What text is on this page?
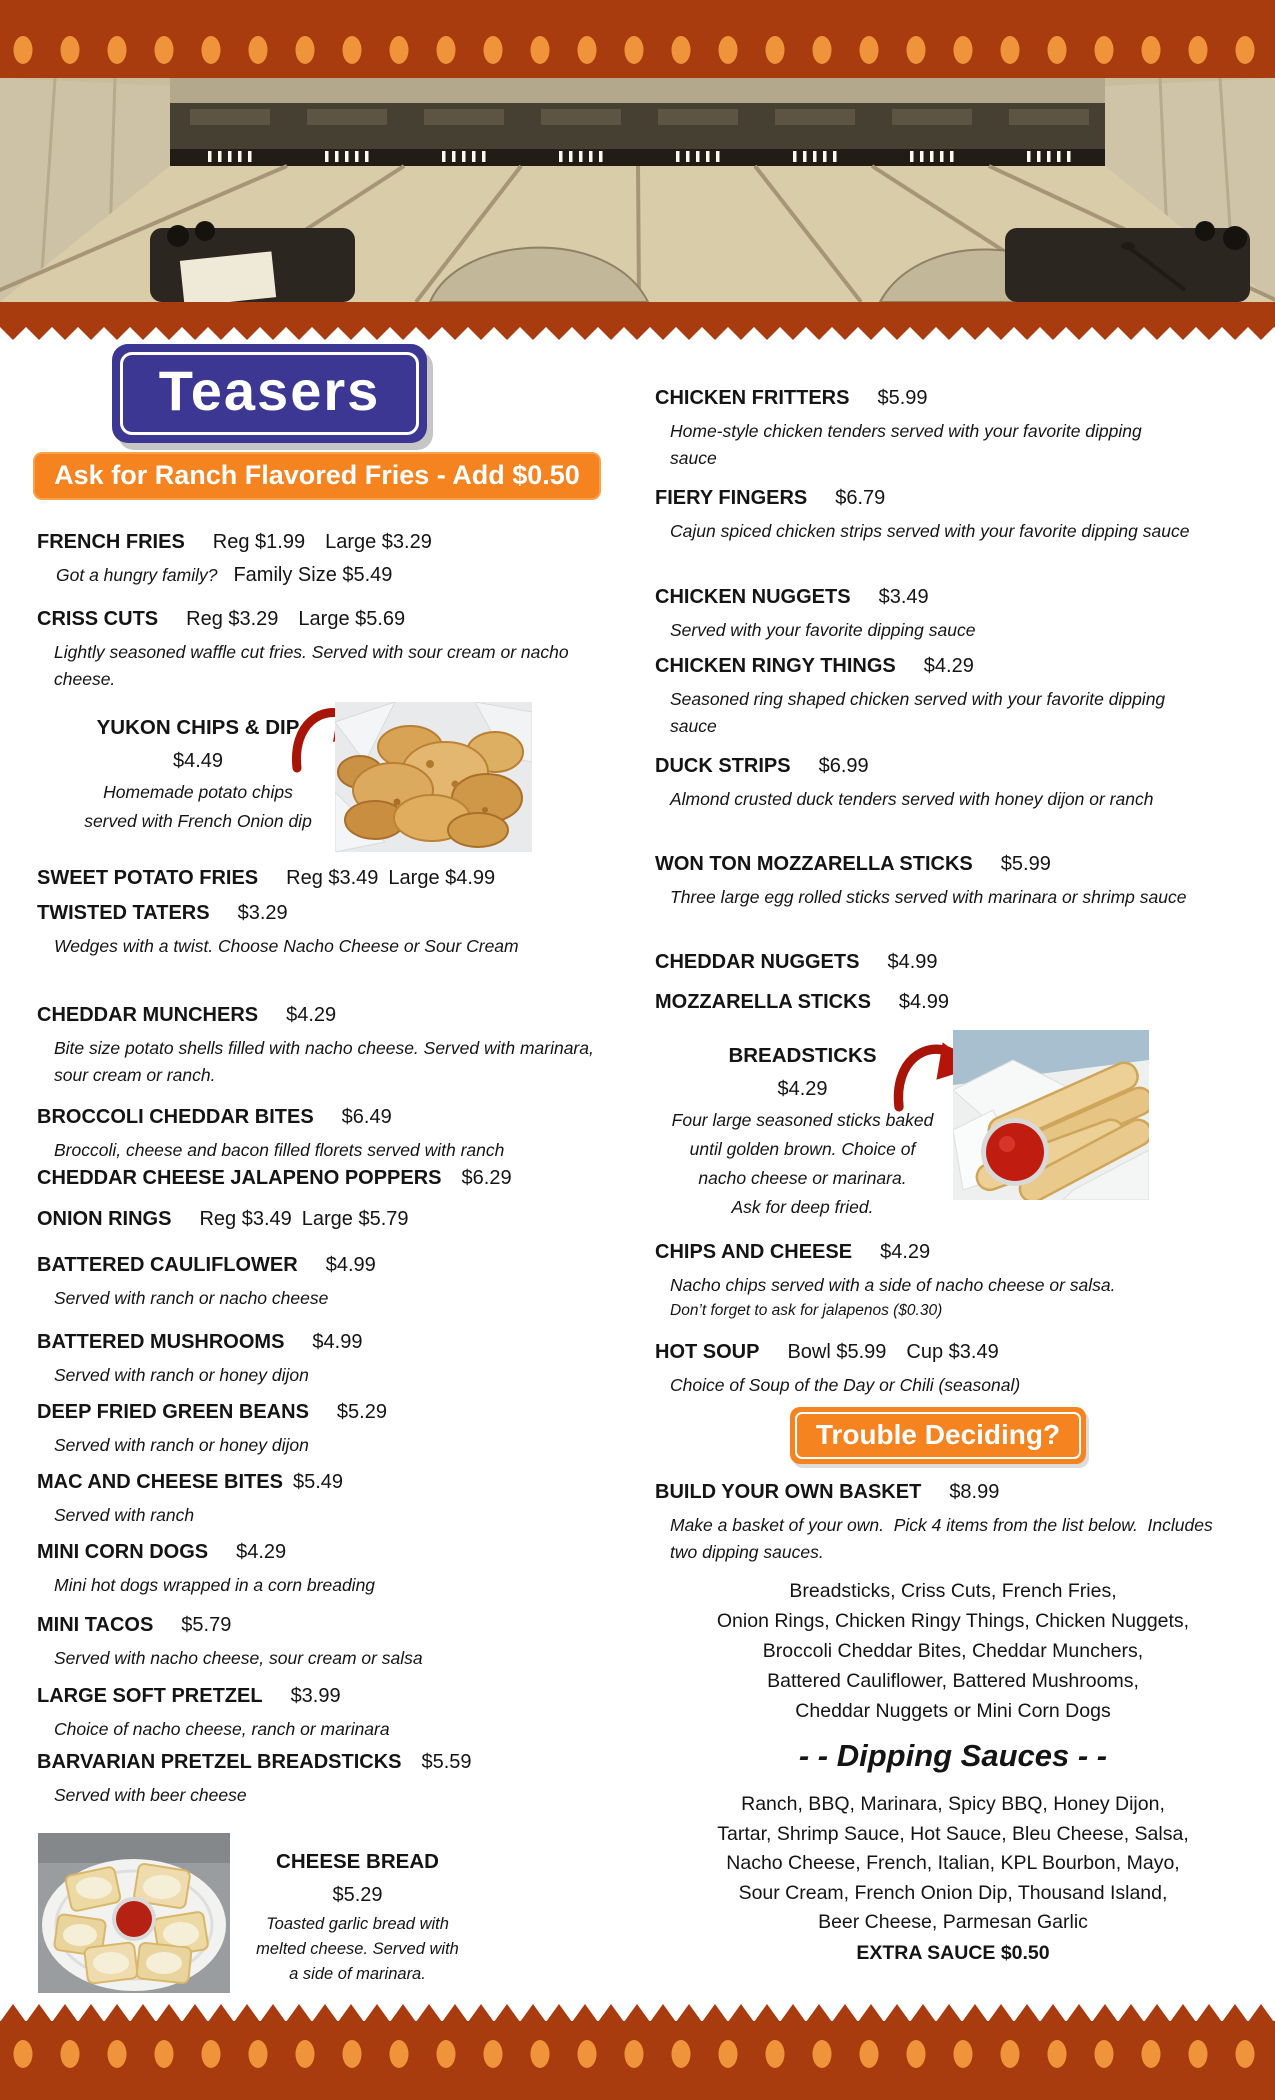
Teasers
Ask for Ranch Flavored Fries - Add $0.50
FRENCH FRIES Reg $1.99 Large $3.29
Got a hungry family? Family Size $5.49
CRISS CUTS Reg $3.29 Large $5.69
Lightly seasoned waffle cut fries. Served with sour cream or nacho cheese.
YUKON CHIPS & DIP
$4.49
Homemade potato chips
served with French Onion dip
SWEET POTATO FRIES Reg $3.49 Large $4.99
TWISTED TATERS $3.29
Wedges with a twist. Choose Nacho Cheese or Sour Cream
CHEDDAR MUNCHERS $4.29
Bite size potato shells filled with nacho cheese. Served with marinara, sour cream or ranch.
BROCCOLI CHEDDAR BITES $6.49
Broccoli, cheese and bacon filled florets served with ranch
CHEDDAR CHEESE JALAPENO POPPERS $6.29
ONION RINGS Reg $3.49 Large $5.79
BATTERED CAULIFLOWER $4.99
Served with ranch or nacho cheese
BATTERED MUSHROOMS $4.99
Served with ranch or honey dijon
DEEP FRIED GREEN BEANS $5.29
Served with ranch or honey dijon
MAC AND CHEESE BITES $5.49
Served with ranch
MINI CORN DOGS $4.29
Mini hot dogs wrapped in a corn breading
MINI TACOS $5.79
Served with nacho cheese, sour cream or salsa
LARGE SOFT PRETZEL $3.99
Choice of nacho cheese, ranch or marinara
BARVARIAN PRETZEL BREADSTICKS $5.59
Served with beer cheese
CHEESE BREAD
$5.29
Toasted garlic bread with melted cheese. Served with a side of marinara.
CHICKEN FRITTERS $5.99
Home-style chicken tenders served with your favorite dipping sauce
FIERY FINGERS $6.79
Cajun spiced chicken strips served with your favorite dipping sauce
CHICKEN NUGGETS $3.49
Served with your favorite dipping sauce
CHICKEN RINGY THINGS $4.29
Seasoned ring shaped chicken served with your favorite dipping sauce
DUCK STRIPS $6.99
Almond crusted duck tenders served with honey dijon or ranch
WON TON MOZZARELLA STICKS $5.99
Three large egg rolled sticks served with marinara or shrimp sauce
CHEDDAR NUGGETS $4.99
MOZZARELLA STICKS $4.99
BREADSTICKS
$4.29
Four large seasoned sticks baked
until golden brown. Choice of
nacho cheese or marinara.
Ask for deep fried.
CHIPS AND CHEESE $4.29
Nacho chips served with a side of nacho cheese or salsa.
Don’t forget to ask for jalapenos ($0.30)
HOT SOUP Bowl $5.99 Cup $3.49
Choice of Soup of the Day or Chili (seasonal)
Trouble Deciding?
BUILD YOUR OWN BASKET $8.99
Make a basket of your own.  Pick 4 items from the list below.  Includes two dipping sauces.
Breadsticks, Criss Cuts, French Fries,
Onion Rings, Chicken Ringy Things, Chicken Nuggets,
Broccoli Cheddar Bites, Cheddar Munchers,
Battered Cauliflower, Battered Mushrooms,
Cheddar Nuggets or Mini Corn Dogs
- - Dipping Sauces - -
Ranch, BBQ, Marinara, Spicy BBQ, Honey Dijon,
Tartar, Shrimp Sauce, Hot Sauce, Bleu Cheese, Salsa,
Nacho Cheese, French, Italian, KPL Bourbon, Mayo,
Sour Cream, French Onion Dip, Thousand Island,
Beer Cheese, Parmesan Garlic
EXTRA SAUCE $0.50
